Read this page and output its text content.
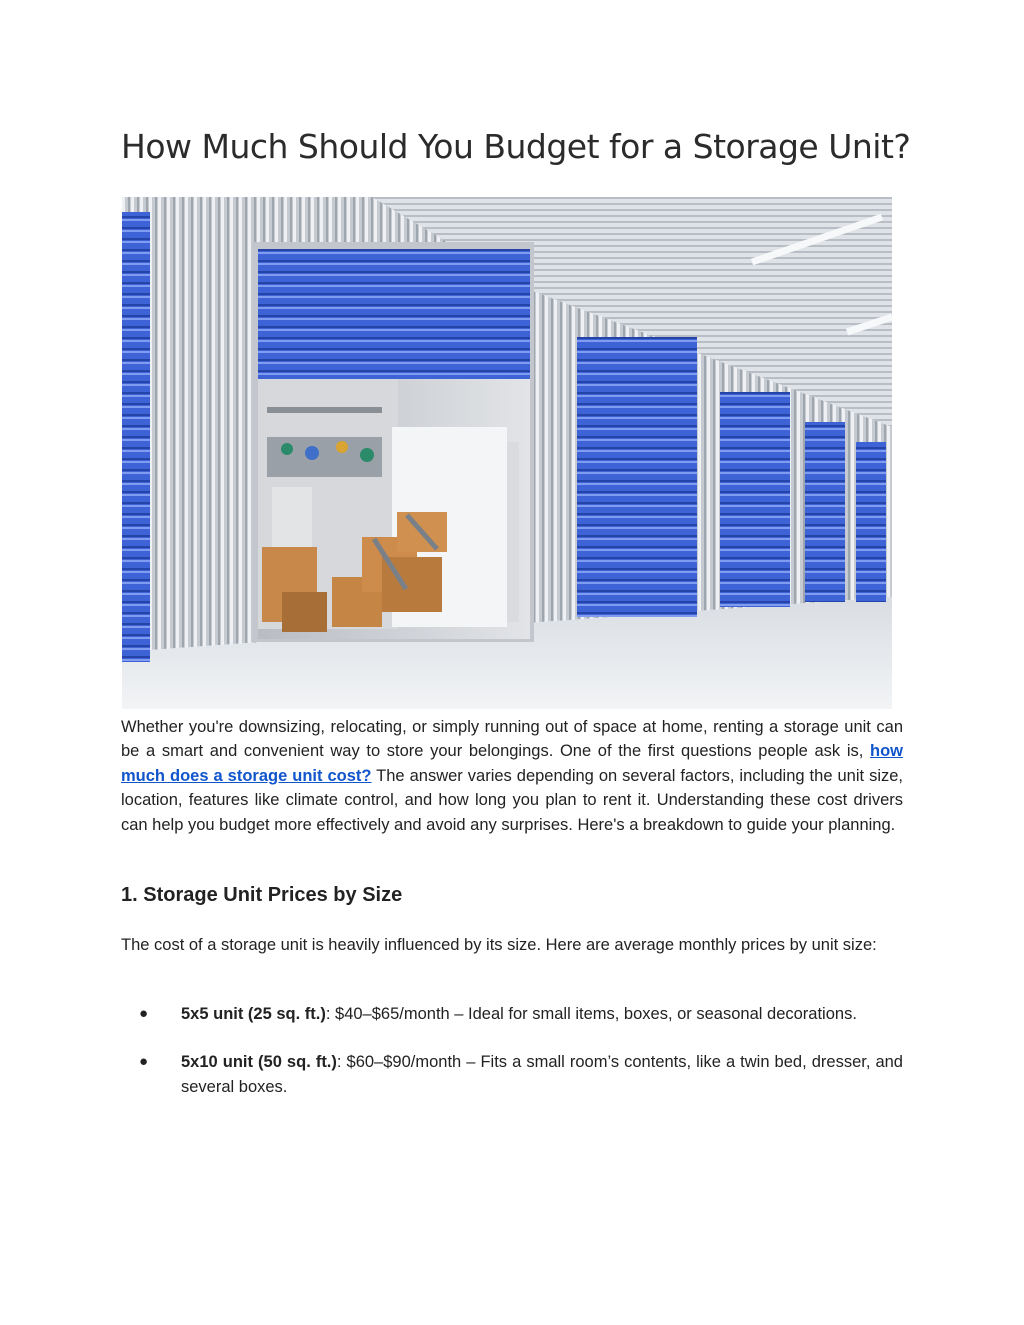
How Much Should You Budget for a Storage Unit?

Whether you're downsizing, relocating, or simply running out of space at home, renting a storage unit can be a smart and convenient way to store your belongings. One of the first questions people ask is, how much does a storage unit cost? The answer varies depending on several factors, including the unit size, location, features like climate control, and how long you plan to rent it. Understanding these cost drivers can help you budget more effectively and avoid any surprises. Here's a breakdown to guide your planning.

1. Storage Unit Prices by Size

The cost of a storage unit is heavily influenced by its size. Here are average monthly prices by unit size:

● 5x5 unit (25 sq. ft.): $40–$65/month – Ideal for small items, boxes, or seasonal decorations.
● 5x10 unit (50 sq. ft.): $60–$90/month – Fits a small room’s contents, like a twin bed, dresser, and several boxes.
